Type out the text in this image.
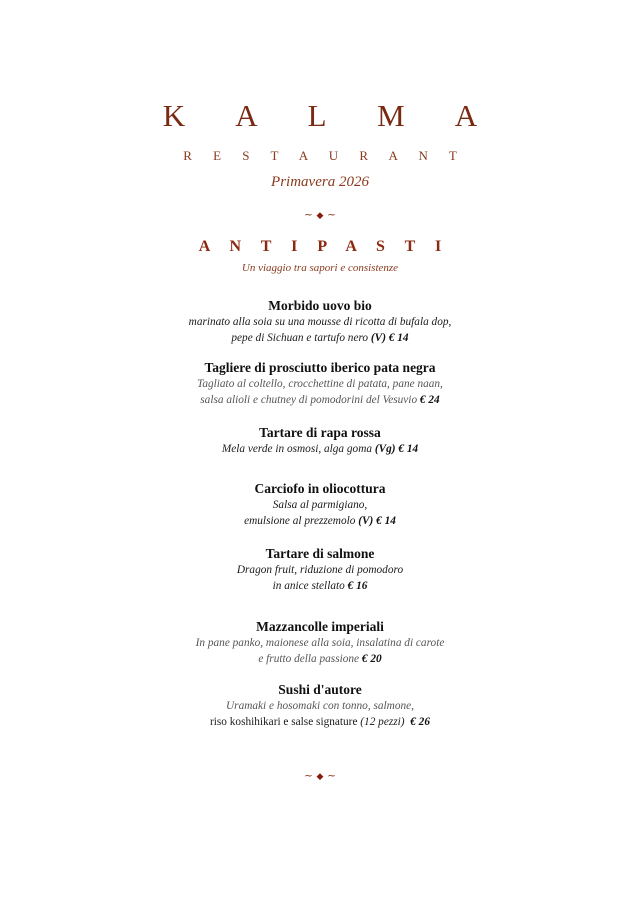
K A L M A
R E S T A U R A N T
Primavera 2026
~ ◆ ~
A N T I P A S T I
Un viaggio tra sapori e consistenze
Morbido uovo bio
marinato alla soia su una mousse di ricotta di bufala dop,
pepe di Sichuan e tartufo nero (V) € 14
Tagliere di prosciutto iberico pata negra
Tagliato al coltello, crocchettine di patata, pane naan,
salsa alioli e chutney di pomodorini del Vesuvio € 24
Tartare di rapa rossa
Mela verde in osmosi, alga goma (Vg) € 14
Carciofo in oliocottura
Salsa al parmigiano,
emulsione al prezzemolo (V) € 14
Tartare di salmone
Dragon fruit, riduzione di pomodoro
in anice stellato € 16
Mazzancolle imperiali
In pane panko, maionese alla soia, insalatina di carote
e frutto della passione € 20
Sushi d'autore
Uramaki e hosomaki con tonno, salmone,
riso koshihikari e salse signature (12 pezzi) € 26
~ ◆ ~
